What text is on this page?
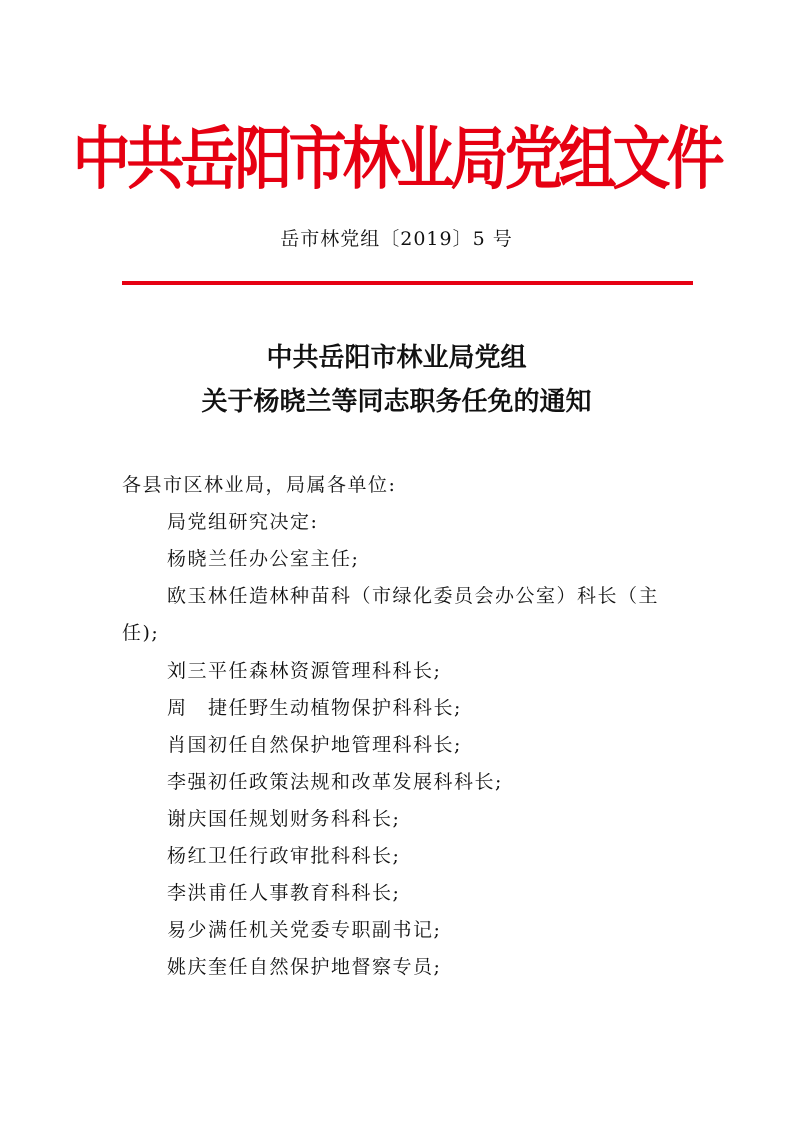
中共岳阳市林业局党组文件
岳市林党组〔2019〕5 号
中共岳阳市林业局党组
关于杨晓兰等同志职务任免的通知
各县市区林业局，局属各单位:
局党组研究决定:
杨晓兰任办公室主任;
欧玉林任造林种苗科（市绿化委员会办公室）科长（主
任);
刘三平任森林资源管理科科长;
周　捷任野生动植物保护科科长;
肖国初任自然保护地管理科科长;
李强初任政策法规和改革发展科科长;
谢庆国任规划财务科科长;
杨红卫任行政审批科科长;
李洪甫任人事教育科科长;
易少满任机关党委专职副书记;
姚庆奎任自然保护地督察专员;
